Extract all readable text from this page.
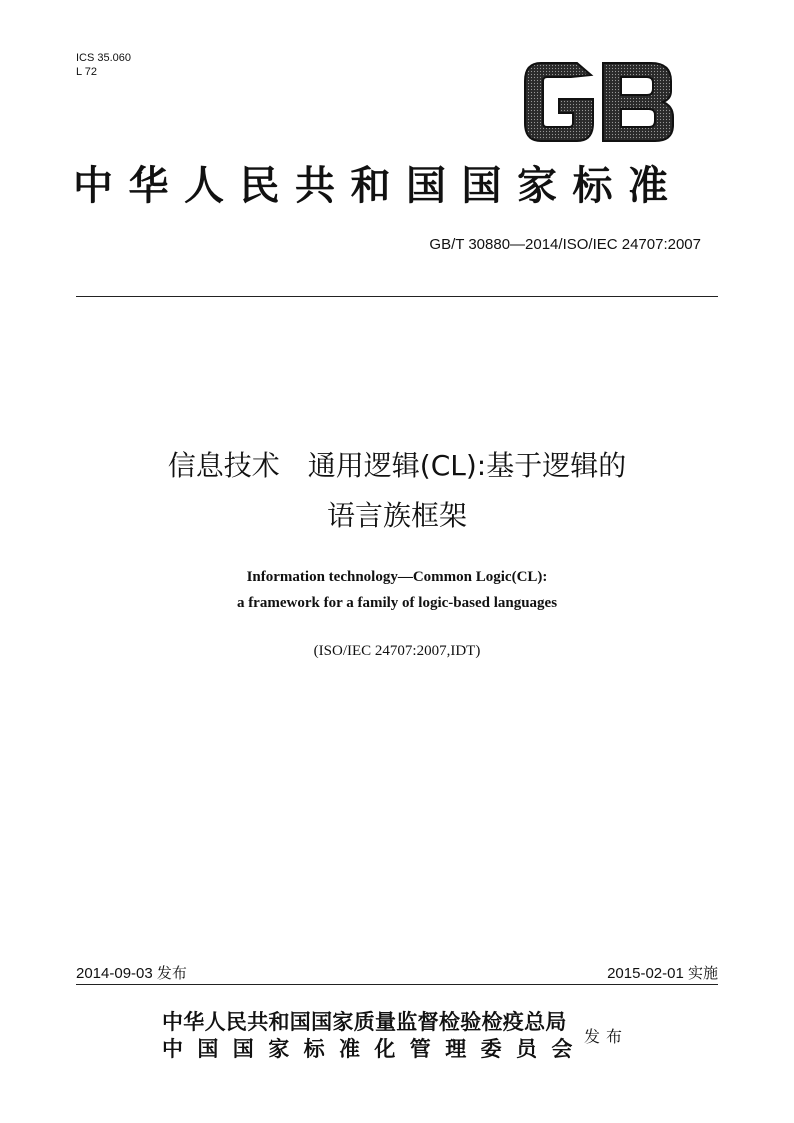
ICS 35.060
L 72
中华人民共和国国家标准
GB/T 30880—2014/ISO/IEC 24707:2007
信息技术　通用逻辑(CL):基于逻辑的
语言族框架
Information technology—Common Logic(CL):
a framework for a family of logic-based languages
(ISO/IEC 24707:2007,IDT)
2014-09-03 发布	2015-02-01 实施
中华人民共和国国家质量监督检验检疫总局
中国国家标准化管理委员会
发布
